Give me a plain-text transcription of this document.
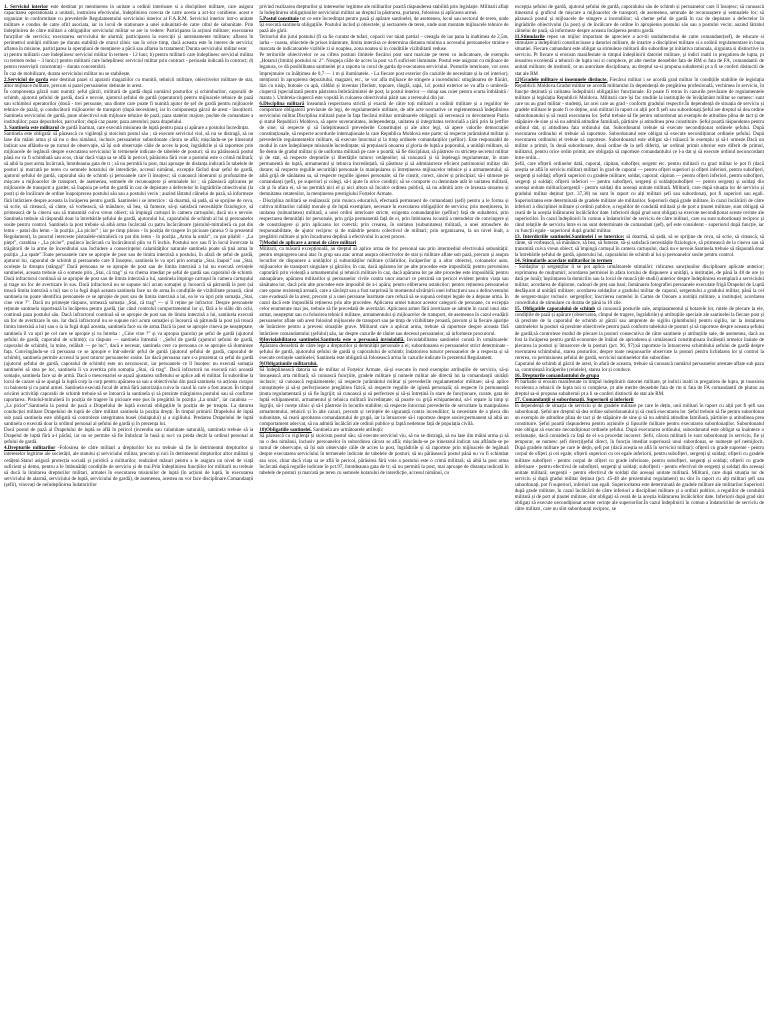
1. Serviciul interior este destinat pt mentinerea in unitate a ordinii interioare si a disciplinei militare, care asigura capacitatea operationala a unitatii, instruirea efectivului, îndeplinirea corecta de catre acesta a act-lor cotidiene. acest e organizat in conformitate cu prevederile Regulamentului serviciului interior al F.A.R.M. Serviciul interior intr-o unitate militare e condus de catre ofitl asociata, iar in locul de stationare a unei subunitati-de catre cdtul de subunitate. Prin îndeplinirea de către militari a obligațiilor serviciului militar se are in vedere: Participarea la acțiuni militare; executarea funcțiilor de serviciu; executarea serviciului de alarmă; participarea la exerciții și antrenamente militare; aflarea în perimetrul unității militare pe durata stabilită de orarul zilnic sau în orice timp, dacă aceasta este în interes de serviciu; aflarea în misiune, participarea la operațiuni de menținere a păcii sau aflarea la tratament; Durata serviciului militar este:

a) pentru militarii care îndeplinesc serviciul militar în termen - 12 luni; b) pentru militarii care îndeplinesc serviciul militar cu termen redus – 3 luni;c) pentru militarii care îndeplinesc serviciul militar prin contract - perioada indicată în contract; d) pentru rezerviștii concentrați – durata concentrării.

În caz de mobilizare, durata serviciului militar nu se stabilește.

2.Serviciul de garda este destinat pazei si apararii magaziilor cu munitii, tehnicii militare, obiectivelor militare de stat, altor mijloace militare, precum si pazei persoanelor detinute in arest.

În componența gărzii sunt numiți: șeful gărzii, militarii de gardă după numărul posturilor și schimburilor, caporalii de schimb, ajutorul șefului de gardă, dacă e nevoie, ajutorul șefului de gardă (operatorul) pentru mijloacele tehnice de pază sau schimbul operatorilor (două - trei persoane, una dintre care poate fi numită ajutor de șef de gardă pentru mijloacele tehnice de pază), și conducătorii mijloacelor de transport (după necesitate), iar în componența gărzii de arest - însoțitorii. Santinela serviciului de gardă, pune obiectivul sub mijloace tehnice de pază; paza statelor majore, pochte de comandare a instituțiilor; paza depozitelor, parcurilor; după caz poate; paza arestului; paza drapelului.

3. Santinela este militarul de gardă înarmat, care execută misiunea de luptă pentru paza și apărare a postului încredințat.

Santinela este obligată: să păzească cu vigilență și stoicism postul său ; să execute serviciul viol, să nu se distragă, să nu lase din mâini arma și să nu o dea nimănui, inclusiv persoanelor subordonate cărora se află; mișcându-se pe itinerarul indicat sau aflându-se pe turnul de observație, să își sub observație căile de acces la post, îngrădirile și să raporteze prin mijloacele de legătură despre executarea serviciului în termenele indicate de tabelele de posturi; să nu părăsească postul până nu va fi schimbată sau scos, chiar dacă viața sa se află în pericol, părăsirea fără voie a postului este o crimă militară; să aibă la post arma încărcată, întotdeauna gata de tr ; să nu permită la post, mai aproape de distanța indicată în tabelele de posturi și marcată pe teren cu semnele hotarului de interdicție, accesul nimănui, excepție făcînd doar șeful de gardă, ajutorul șefului de gardă, caporalul său de schimb și persoanele care îl însoțesc; să cunoască itinerarul și profunzime de mișcare a mijloacelor de transport, de asemenea, semnele de recunoaștere și semnalele lor ; să păzească aplicarea pe mijloacele de transport a gardei; să înapoia pe sefut de gardă în caz de depistare a defectelor în îngrădirile obiectivului (la post) și de încălcare de ordine înapoiprecea postului său sau a postului vecin ; auzind lătratul câinelui de pază, să informeze fără întârziere despre aceasta la încăperea pentru gardă. Santinelei i se interzice : să doarmă, să șadă, să se sprijine de ceva, să scrie, să citească, să cânte, să vorbească, să mănânce, să bea, să fumeze, să-și satisfacă necesitățile fiziologice, să primească de la cineva sau să transmită cuiva vreun obiect; să împingă cartușul în camera cartușului, dacă nu e nevoie. Santinela trebuie să răspundă doar la întrebările șefului de gardă, ajutorului lui, caporalului de schimb al lui și persoanelor sosite pentru control. Santinela la post trebuie să aibă arma încărcată cu patru încărcătoare (pistolul-mitralieră cu pat din lemn – patul din lemn - în poziția „La picior” ; iar pe timp ploios - în poziția de tragere în picioare (anexa 9 la prezentul Regulament), la punctul interceste pistoalele-mitralieră cu pat din lemn - în poziția „Arma la umăr”, cu pat pliabil - „La piept”, carabina - „La picior”, pușlinca încărcată cu încărcătorul plin va fi închis. Postului nov sau fi în locul încercate la trăgătorii de la arme de încendiului sau închidere a consecințelor calamităților naturale santinela poate să țină arma în poziția „La spate”.Toate persoanele care se apropie de post sau de limita interzisă a postului, în afară de șeful de gardă, ajutorul lui, caporalul de schimb și persoanele care îl însoțesc, santinela le va opri prin somația „Stai, înapoi” sau „Stai, ocolește la dreapta (stânga)” Dacă persoana se se apropie de post sau de limita interzisă a lui nu execută cerințele santinelei, aceasta trebuie să o someze prin „Stai, că trag” și va chema imediat pe șeful de gardă sau caporalul de schimb. Dacă infractorul continuă să se apropie de post sau de limita interzisă a lui, santinela împinge cartușul în camera cartușului și trage un foc de avertizare în sus. Dacă infractorul nu se supune nici acum somației și încearcă să pătrundă la post (să treacă limita interzisă a lui) sau o la fugă după aceasta santinela face uz de arma.În condițiile de vizibilitate proastă, când santinela nu poate identifica persoanele ce se apropie de post sau de limita interzisă a lui, ea le va opri prin somația „Stai, cine vine ?”. Dacă nu primește răspuns, urmează somația „Stai, că trag” — și îl reține pe infractor. Despre persoanele reținute santinela raportează la încăperea pentru gardă, (iar când controlul comportamentul lor și, fără a le slăbi din ochi, continuă paza postului său. Dacă infractorul continuă să se apropie de post sau de limita interzisă a lui, santinela execută un foc de avertizare în sus. Iar dacă infractorul nu se supune nici acum somației și încearcă să pătrundă la post (să treacă limita interzisă a lui) sau o ia la fugă după aceasta, santinela face uz de arma.Dacă la post se apropie cineva pe neașteptate, santinela îl va opri pe cel care se apropie și va întreba : „Cine vine ?” și va apropia (parola) pe șeful de gardă (ajutorul șefului de gardă, caporalul de schimb); ca răspuns — santinela întreabă : „Șeful de gardă (ajutorul șefului de gardă, caporalul de schimb), la mine, celălalt — pe loc”, dacă e necesar, santinela cere ca persoana ce se apropie să ilumineze fața. Convingându-se că persoana ce se apropie e într-adevăr șeful de gardă (ajutorul șefului de gardă, caporalul de schimb), santinela permite accesul la post tuturor persoanelor sosite. Iar dacă persoana care s-a prezentat ca șeful de gardă (ajutorul șefului de gardă, caporalul de schimb) este un necunoscut, iar persoanele ce îl însoțesc nu execută somația santinelei să stea pe loc, santinela îi va avertiza prin somația „Stai, că trag”. Dacă infractorii nu execută nici această somație, santinela face uz de armă. Dacă o mescenariei se așază ajustarea sufletului se aplice adi el militar. În subordine la locul de cazare să se ajungă la luptă corp la corp pentru apărarea sa sau a obiectivului din pază santinela va acționa curajos cu baioneta și cu patul armei. Santinela execută focul de armă fără autorizația cuiva în cazul în care a fost atacat. În timpul oricărei activități caporalii de schimb trebuie să se întoarcă la santinela și să prezinte mărginirea postului sau să confirme raportarea. Pistolul-mitralieră în poziția de tragere în picioare este pus în pregătită în poziția „La umăr”, iar carabina — „La picior”.Santinela la postul de pază a Drapelului de luptă execută obligațiile în poziția de pe treapta. La datorea conducției militare Drapelului de luptă de către militari santinela la poziția drepți. În timpul primirii Drapelului de luptă sub pază santinela este obligată să controleze integritatea husei (dulapului) și a sigiliului. Predarea Drapelului de luptă santinela o execută doar la ordinul personal al șefului de gardă și în prezența lui.

Dacă postul de pază al Drapelului de luptă se află în pericol (incendiu sau calamitate naturală), santinela trebuie să ia Drapelul de luptă fără a-l părăsi, iar nu se permite să fie îmbrăcat în husă și nu-l va preda decât la ordinul personal al șefului de gardă.

4.Drepturile militarilor -Folosirea de către militari a drepturilor lor nu trebuie să fie în detrimentul drepturilor și intereselor legitime ale societății, ale statului și serviciului militar, precum și nici în detrimentul drepturilor altor militari și cetățeni.Statul asigură protecția socială și juridică a militarilor, realizând măsuri pentru a le asigura un nivel de viață suficient și demn, pentru a le îmbunătăți condițiile de serviciu și de trai.Prin îndeplinirea funcțiilor lor militarii nu trebuie să ducă la limitarea drepturilor militari, armatei în executarea misiunilor de luptă (în acțiuni de luptă, în executarea serviciului de alarmă, serviciului de luptă, serviciului de gardă), de asemenea, acestea nu vor face disciplinare.Comandanții (șefii), vinovați de neîndeplinirea îndatoririlor

privind realizarea drepturilor și intereselor legitime ale militarilor poartă răspunderea stabilită prin legislație. Militarii aflați la îndeplinirea obligațiunilor serviciului militar au dreptul la păstrarea, purtarea, folosirea și aplicarea armei.

5.Postul constituie tot ce este încredințat pentru pază și apărare santinelei, de asemenea, locul sau sectorul de teren, unde își execută santinela obligațiile. Postului includ și obiectele, și sectoarele de teren, unde sunt montate mijloacele tehnice de pază ale gării.

Teritoriul din jurul postului (fi sa fie curatat de tufari, copacii vor taiati partial – ceeagla de iaz pana la inaltimea de 2,5m, iarba – coasta, obiectele de prisos inlaturate, limita interzisa ce determina distanta minima a accesului persoanelor straine e marcata de indicatoarele vizibile zi si noaptea, zona noatea si in conditiile vizibilitatii reduse.

Pe teritoriile obiectivelor ce au cifrea postuni limitele fiecărui post sunt marcate pe teren cu indicatoare, de exemplu „Hotarul (limita) postului nr. 2”. Nospeja căile de acces la post va fi suficient iluminate. Postul este asigurat cu mijloace de legatura, ce dă posibilitatea santinelei pt a raporta in corul de garda dp executarea serviciului. Posturile interioare, vor avea împrejmuire cu înălțimea de 0,7 — 1 m și iluminatele. - La fiecare post exterior (în cazurile de necesitate și la cel interior), menționri în apropierea depozitului, magazei, etc., se vor afla mijloace de stingere a incendiului: stingătoarea de flăcări, lăzi cu nisip, butoaie cu apă, căldări și inventar (fierăstr, topoare, rănglă, sapă, l.d. postul exterior se va afla o umbrelă-ciupercă (specializată pentru păstrarea îmbrăcămintei de post; la postul interior — dulap sau cuier pentru scurta îmblănită / manta ). Umbrela-ciupercă este vopsită în culoarea obiectivului păzit sau a terenului din jur.

6.Disciplina militară înseamnă respectarea strictă și exactă de către toți militarii a ordinii militare și a regulilor de comportare obligatorii prevăzute de legi, de regulamentele militare, de alte acte normative ce reglementează îndeplinirea serviciului militar.Disciplina militară pune în fața fiecărui militar următoarele obligații: să servească cu devotament Patria și statul Republicii Moldova, să apere suveranitatea, independența, unitatea și integritatea teritorială a țării prin la jertfire de sine; să respecte și să îndeplinească prevederile Constituției și ale altor legi, să apere valorile democrației constituționale, să respecte acordurile internaționale la care Republica Moldova este parte; să respecte jurământul militar și prevederile regulamentelor militare, să execute întocmai și la timp ordinele comandanților (șefilor). Este responsabil de modul în care îndeplinește misiunile încredințate; să prețuiască onoarea și gloria de luptă a poporului, a unității militare, să fie demn de gradul militar și de uniforma militară pe care o poartă; să fie disciplinat, să păstreze cu strictețe secretul militar și de stat, să respecte drepturile și libertățile tuturor cetățenilor; să cunoască și să înțeleagă regulamentar, în stare permanentă de luptă, armamentul și tehnica încredințată, să păstreze și să administreze eficient patrimoniul militar din dotare; să respecte regulile securității personale la manipularea și întreținerea mijloacelor tehnice și a armamentului; să aibă grijă de sănătatea sa, să respecte regulile igienei personale; să fie cinstit, corect, sincer și principial; să-i stimeze pe comandanți (șefi), pe superiori și colegi, să-i ajute în orice condiții; să se comporte cu demnitate atât în unitatea militară, cât și în afara ei, să nu permită nici el și nici altora să încalce ordinea publică, să nu admită acte ce lezeaza onoarea și demnitatea cetatenilor, la menținerea prestigiului Forțelor Armate.

- Disciplina militară se realizează: prin munca educativă, efectuată permanent de comandanți (șefi) pentru a le forma și cultiva militarilor calități morale și de luptă exemplare, necesare în executarea obligațiilor de serviciu; prin menținerea, în unitatea (subunitatea) militară, a unei ordini interioare stricte, exigenta comandanților (șefilor) față de subalterni, prin respectarea demnității lor personale, prin grija permanentă față de ei, prin îmbinarea iscusită a metodelor de convingere și de constrângere și prin aplicarea lor corectă; prin crearea, în unitatea (subunitatea) militară, a unei atmosfere de responsabilitate, de ajutor reciproc și de mândrie pentru colectivul de militari; prin organizarea, la un nivel înalt, a pregătirii militare și prin încadrarea deplină a efectivului în acest proces.

7)Modul de aplicare a armei de către militari

Militarii, ca măsură excepțională, au dreptul să aplice arma de foc personal sau prin intermediul efectivului subunității: pentru respingerea unui atac în grup sau atac armat asupra obiectivelor de stat și militare aflate sub pază, precum și asupra locurilor de dispunere a unităților și subunităților militare (clădirilor, încăperilor și a altor obiecte), coloanelor auto, mijloacelor de transport singulare și gărzilor, în caz, dacă apărarea lor pe alte procedee este imposibilă; pentru prevenirea capturării prin violență a armamentului și tehnicii militare în caz, dacă apărarea lor pe alte procedee este imposibilă; pentru autoapărare, apărarea militarilor și persoanelor civile contra unor atacuri ce prezintă un pericol evident pentru viața sau sănătatea lor, dacă prin alte procedee este imposibil de a-i apăra; pentru eliberarea ostaticilor; pentru reținerea persoanelor care opune rezistență armată, care a săvârșit sau a fost surprinsă în momentul săvârșirii unei infracțiuni sau a delincventului care evadează de la arest, precum și a unei persoane înarmate care refuză să se supună cerinței legale de a depune arma. În cazul dacă este imposibilă reținerea prin alte procedee. Aplicarea armei tuturor acestor categorii de persoane, cu excepția celor enumerate mai jos, trebuie să fie precedată de avertizări. Aplicarea armei fără avertizare se admite în cazul unui atac armat, neașteptat sau cu folosirea tehnicii militare, armamentului și mijloacelor de transport, de asemenea în cazul evadării persoanelor aflate sub arest folosind mijloacele de transport sau pe timp de vizibilitate proastă, precum și la fiecare apariție de întârziere pentru a preveni situațiile grave. Militarul care a aplicat arma, trebuie să raporteze despre aceasta fără întârziere comandantului (șefului) său, iar despre cazurile de rănire sau decesul persoanelor, să informeze procurorul.

8)Inviolabilitatea santinelei.Santinela este o persoană inviolabilă. Inviolabilitatea santinelei constă în următoarele: Apărarea deosebită de către lege a drepturilor și demnității personale a ei; subordonarea ei persoanelor strict determinate - șefului de gardă, ajutorului șefului de gardă și caporalului de schimb; îndatorirea tuturor persoanelor de a respecta și să execute cerințele santinelei; Santinela este obligată să folosească arma în cazurile indicate în prezentul Regulament.

9)Obligatiunile militarului.

Să îndeplinească datoria sa de militar al Forțelor Armate, să-și execute în mod exemplar atribuțiile de serviciu, să-și însușească arta militară; să cunoască funcțiile, gradele militare și numele militar ale directă lui la comandanții unității inclusiv; să cunoască regulamentele; să respecte jurământul militar și prevederile regulamentelor militare; să-și aplice cunoștințele și să-și perfecționeze pregătirea fizică, să respecte regulile de igienă personală; să respecte în permanență ținuta regulamentară și să fie îngrijit; să cunoască și să perfecteze și să-și întrețină în stare de funcționare, curate, gata de luptă echipamentul, armamentul și tehnica militară încredințate; să poarte cu grijă echipamentul, să-l repare la timp și îngrijit, să-l curețe zilnic și să-l păstreze în locurile stabilite; să respecte întocmai prevederile de securitate la manipularea armamentului, tehnicii și în alte cazuri, precum și cerințele de siguranță contra incendiilor; la necesitate de a pleca din subunitate, să ceară aprobarea comandantului de grupă, iar la întoarcere să-i raporteze despre sosire;permanent să aibă un comportament adecvat, să nu admită încălcări ale ordinii publice și faptă nedemne față de populația civilă.

10)Obligatiile santinelei. Santinela are următoarele atribuții:

Să păzească cu vigilență și stoicism postul său; să execute serviciul viu, să nu se distragă, să nu lase din mâini arma și să nu o dea nimănui, inclusiv persoanelor în subordinea cărora se află; mișcându-se pe itinerarul indicat sau aflându-se pe turnul de observație, să își sub observație căile de acces la post, îngrădirile și să raporteze prin mijloacele de legătură despre executarea serviciului în termenele indicate de tabelele de posturi; să nu părăsească postul până nu va fi schimbat sau scos, chiar dacă viața sa se află în pericol, părăsirea fără voie a postului este o crimă militară; să aibă la post arma încărcată după regulile indicate în pct.97, întotdeauna gata de tr; să nu permită la post, mai aproape de distanța indicată în tabelele de posturi și marcată pe teren cu semnele hotarului de interdicție, accesul nimănui, cu

excepția șefului de gardă, ajutorul șefului de gardă, caporalului său de schimb și persoanelor care îl însoțesc; să cunoască itinerarul și graficul de mișcare a mijloacelor de transport, de asemenea, semnale de recunoaștere și semnalele lor; să păzească postul și mijloacele de stingere a incendiilor; să cheme șeful de gardă în caz de depistare a defectelor în îngrădirile obiectivului (la post) și de încălcare de ordine în apropierea postului său sau a postului vecin; auzind lătratul câinelui de pază, să informeze despre aceasta încăperea pentru gardă.

11.Stimularile repez un mijloc important de apreciere a act-tii ssubalternului de catre comandant(sef), de educare si stimulare a indeplinirii constiincioase a datoriei militare, de intarire a disciplinei militare si a ordinii regulamentare in buna situatiei. Fiecare camandant este obligat sa stimuleze militarii din subordine pt initiativa rationala, sirguinta si distinctive in serviciu. Pt fiecare si erosism manifestate in timpul îndeplinirii datoriei militare, şi indici inalti in pregatirea de lupta, pt insusirea excelentă a tehnicii de lupta noi si complexe, pt alte merite deosebite fata de RM si fata de FA, comandantii de unitati militare; de institutii, or au autoritate disciplinara, au dreptul sa-si propuna subalternii pt a fi se conferi distinctii de stat ale RM

12)Gradele militare si insemnele distincte. Fiecărui militar i se acordă grad militar în condițiile stabilite de legislația Republicii Moldova.Gradul militar se acordă militarului în dependență de pregătirea profesională, vechimea în serviciu, în funcție deținută și calitatea îndeplinirii obligațiilor funcționale. Et poate fi retras în cazurile prevăzute de regulamentele militare și legislația Republicii Moldova. Militarii care își fac studiile la instituțiile de învățământ militar se numesc: sunt care nu au grad militar - studenți, iar acei care au grad - conform gradului respectiv.În dependență de situația de serviciu și gradele militare le poate fi ce deține, unii militari în raport cu alții pot fi șefi sau subordonați.Șeful are dreptul să dea ordine subordonatului și să ceară executarea lor. Șeful trebuie să fie pentru subordonat un exemplu de atitudine plina de tact și de stăpânire de sine și să nu admită atitudine familiară, părtinire și atitudinea prea constituire. Șeful poartă răspunderea pentru ordinul dat, și atitudinea fata ordinului dat. Subordonatul trebuie să execute necondiționat ordinele șefului. După executarea ordinului el trebuie să raporteze. Subordonatul este obligat să execute necondiționat ordinele șefului. După executarea ordinului el trebuie să raporteze. Subordonatul este obligat să-i trăiască în exemplu și să-l urmeze.Dacă un militar a primit, în două subordonare, două ordine de la șefi diferiți, iar ordinul primit ulterior este diferit de primul, militarul, pentru orice ordin primit, are obligația să raporteze comandantului ce l-a dat și să execute ordinul neconcordant între-ordin...

Șefii, care ofițerii ordinelor dată, caporal, căpitan, subofițer, sergent etc. pentru militarii cu grad militar le pot fi (dacă aceștia se află în serviciu militar) militari în grad de caporal — pentru ofițeri superiori și ofițeri inferiori, pentru subofițeri, sergenți și soldați; ofițerii superiori cu gradele militare; soldat, caporal; căpitan — pentru ofițeri inferiori, pentru subofițeri, sergenți și soldați; ofițerii inferiori — pentru subofițeri, sergenți și soldați(subofițeri — pentru sergenți și soldați din aceeași unitate militară;sergenții - pentru soldați din aceeași unitate militară. Militarii, care după situația lor de serviciu și gradului militar deținut (pct. 37,38) nu sunt în raport cu alți militari șefi sau subordonați, pot fi superiori sau egali. Superioritatea este determinată de gradele militare ale militarilor. Superiorii după grade militare, în cazul încălcării de către inferiori a disciplinei militare și ordinii publice, a regulilor de conduită militară și de port a ținutei militare, sunt obligați să ceară de la aceștia înlăturarea încălcărilor date. Inferiorii după grad sunt obligați sa execute necondiționat aceste cerinte ale superiorilor. În cazul îndeplinirii în comun a îndatoririlor de serviciu de către militari, care nu sunt subordonați reciproc și când relațiile de serviciu între ei nu sunt determinate de comandant (șef), șef este considerat - superiorul după funcție, iar cu funcții egale - superiorul după gradul militar.

13. Interdictiile santinelei.Santinelei i se interzice: să doarmă, să șadă, să se sprijine de ceva, să scrie, să citească, să cânte, să vorbească, să mănânce, să bea, să fumeze, să-și satisfacă necesitățile fiziologice, să primească de la cineva sau să transmită cuiva vreun obiect; să împingă cartușul în camera cartușului, dacă nu e nevoie.Santinela trebuie să răspundă doar la întrebările șefului de gardă, ajutorului lui, caporalului de schimb al lui și persoanelor sosite pentru control.

14. Stimularile acordate militarilor in termen

- Soldaților și sergenților li se pot aplica următoarele stimulări: ridicarea sancțiunilor disciplinare aplicate anterior; exprimarea de mulțumiri; acordarea permisiei în afara locului de dispunere a unității, a instituției, de până la 48 de ore (o dată pe lună); înștiințarea la domiciliu sau la locul de muncă (de studii) anterior despre îndeplinirea exemplară a serviciului militar; acordarea de diplome, cadouri de preț sau bani; înmânarea fotografiei persoanele executate frigă Drapelul de Luptă desfășurat al unității militare; acordarea soldaților a gradului militar de caporal, sergentului a gradului militar, până la cel de sergent-major inclusiv. sergenților; înscrierea numelui în Cartea de Onoare a unității militare, a instituției; acordarea concediului de stimulare cu durata de până la 10 zile.

15. Obligatiile caporalului de schimb să cunoască posturile sale, amplasamentul și hotarele lor, rutele de plecare la ele, condițiile de pază și apărare (observarea, cîmpul de tragere, îngrădirile) și atribuțiile speciale ale santinelei la fiecare post și să prezinte de la caporalul de schimb al gărzii sau amprente de sigiliu (plumbului) pentru sigiliu, iar la instalarea santinelelor la posturi să prezinte obiectivele pentru pază conform tabelului de posturi și să raporteze despre aceasta șefului de gardă;să controleze modul de plecare la posturi consecutiva de către santinele și atribuțiile sale, de asemenea, dacă au fost la încăperea pentru gardă economie de întâiul de aprinderea și urmărească constituțioara încăleștii armelor înainte de plecarea la posturi și întoarcere de la posturi (pct. 96, 97);să raporteze la întoarcerea schimbului șefului de gardă despre executarea schimbului, starea posturilor, despre toate neajunsurile observate la posturi pentru lichidarea lor și control la cererea, cu permisiunea șefului de gardă, serviciul santinelelor din subordine.

Caporalul de schimb al gărzii de arest, în afară de aceasta, trebuie să cunoască numărul persoanelor arestate aflate sub paza sa, controlează încăperile (celulele), starea lor și conduce.

16. Drepturile comandantului de grupa

Pt barbatie si erosim manifestate in timpul indeplinirii datoriei militare, pt indicii inalti in pregatirea de lupta, pt insusirea excelenta a tehnicii de lupta noi si complexe, pt alte merite deosebite fata de rm si fata de FA comandantii de pluton au dreptul sa-si propuna subalternii pt a li se conferi distinctii de stat ale RM.

17. Comandanții și subordonații. Superiorii și inferiorii

În dependență de situația de serviciu și de gradele militare pe care le dețin, unii militari în raport cu alții pot fi șefi sau subordonați. Șeful are dreptul să dea ordine subordonatului și să ceară executarea lor. Șeful trebuie să fie pentru subordonat un exemplu de atitudine plina de tact și de stăpânire de sine și să nu admită atitudine familiară, părtinire și atitudinea prea constituire. Șeful poartă răspunderea pentru acțiunile și lipsurile militare pentru executarea subordonaților. Subordonatul este obligat să execute necondiționat ordinele șefului. După executarea ordinului, subordonatul este obligat sa înainteze o reclamație, dacă consideră ca față de el s-a procedat incorect. Șefii, cărora militarii le sunt subordonați în serviciu, fie și temporar, se numesc șefi direcți(șeful direct, în funcția imediat superioară unui subordonat, se numește șef nemijlocit. După gradele militare pe care le dețin, șefi pot (dacă aceștia se află în serviciul militar): ofițerii cu grade supreme - pentru corpul de ofițeri și cei egale; ofițerii superiori cu cei egale inferiorii, pentru subofițeri, sergenți și soldați; ofițerii cu gradele militare subofițeri - pentru corpul de ofițeri cu grade inferioare, pentru subofițeri, sergenți și soldați; ofițerii cu grade inferioare - pentru efectivul de subofițeri, sergenți și soldați; subofițerii - pentru efectivul de sergenți și soldați din aceeași unitate militară; sergenții - pentru efectivul de soldați din aceeași unitate militară. Militarii, care după situația lor de serviciu și după gradul militar deținut (pct. 45-48 ale prezentului regulament) nu sînt în raport cu alți militari șefi sau subordonați, pot fi superiori, inferiori sau egali. Superioritatea este determinată de gradele militare ale militarilor.Superiorii după grade militare, în cazul încălcării de către inferiori a disciplinei militare și a ordinii publice, a regulilor de conduită militară și de port al ținutei militare, sînt obligați să ceară de la aceștia înlăturarea încălcărilor date. Inferiorii după grad sînt obligați să execute necondiționat aceste cerințe ale superiorilor.În cazul îndeplinirii în comun a îndatoririlor de serviciu de către militari, care nu sînt subordonați reciproc, se
